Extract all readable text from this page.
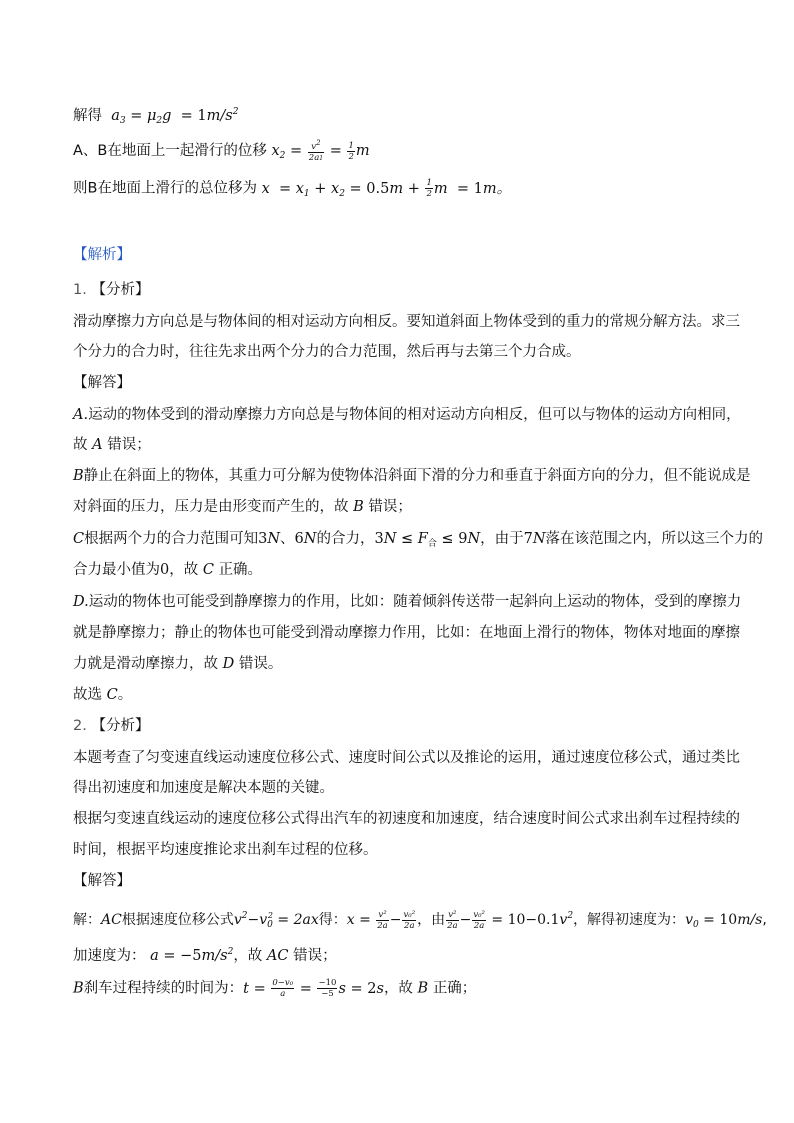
解得  $a_3 = \mu_2g = 1m/s^2$
A、B在地面上一起滑行的位移 $x_2 = \frac{v^2}{2a1} = \frac{1}{2}$ m
则B在地面上滑行的总位移为 $x = x_1 + x_2 = 0.5m + \frac{1}{2}$ m  = 1m。
【解析】
1. 【分析】
滑动摩擦力方向总是与物体间的相对运动方向相反。要知道斜面上物体受到的重力的常规分解方法。求三
个分力的合力时，往往先求出两个分力的合力范围，然后再与去第三个力合成。
【解答】
A.运动的物体受到的滑动摩擦力方向总是与物体间的相对运动方向相反，但可以与物体的运动方向相同，
故 A 错误；
B静止在斜面上的物体，其重力可分解为使物体沿斜面下滑的分力和垂直于斜面方向的分力，但不能说成是
对斜面的压力，压力是由形变而产生的，故 B 错误；
C根据两个力的合力范围可知3N、6N的合力，$3N \le F_合 \le 9N$，由于7N落在该范围之内，所以这三个力的
合力最小值为0，故 C 正确。
D.运动的物体也可能受到静摩擦力的作用，比如：随着倾斜传送带一起斜向上运动的物体，受到的摩擦力
就是静摩擦力；静止的物体也可能受到滑动摩擦力作用，比如：在地面上滑行的物体，物体对地面的摩擦
力就是滑动摩擦力，故 D 错误。
故选 C。
2. 【分析】
本题考查了匀变速直线运动速度位移公式、速度时间公式以及推论的运用，通过速度位移公式，通过类比
得出初速度和加速度是解决本题的关键。
根据匀变速直线运动的速度位移公式得出汽车的初速度和加速度，结合速度时间公式求出刹车过程持续的
时间，根据平均速度推论求出刹车过程的位移。
【解答】
解：AC根据速度位移公式$v^2-v_0^2 = 2ax$得：$x = \frac{\text{v²}}{2a} - \frac{\text{v₀²}}{2a}$ ，由 $\frac{\text{v²}}{2a} - \frac{\text{v₀²}}{2a} = 10-0.1v^2$，解得初速度为：$v_0 = 10m/s$,
加速度为： $a = -5m/s^2$，故 AC 错误；
B刹车过程持续的时间为：$t = \frac{\text{0−v₀}}{a} = \frac{-10}{-5}$ s = 2s，故 B 正确；
